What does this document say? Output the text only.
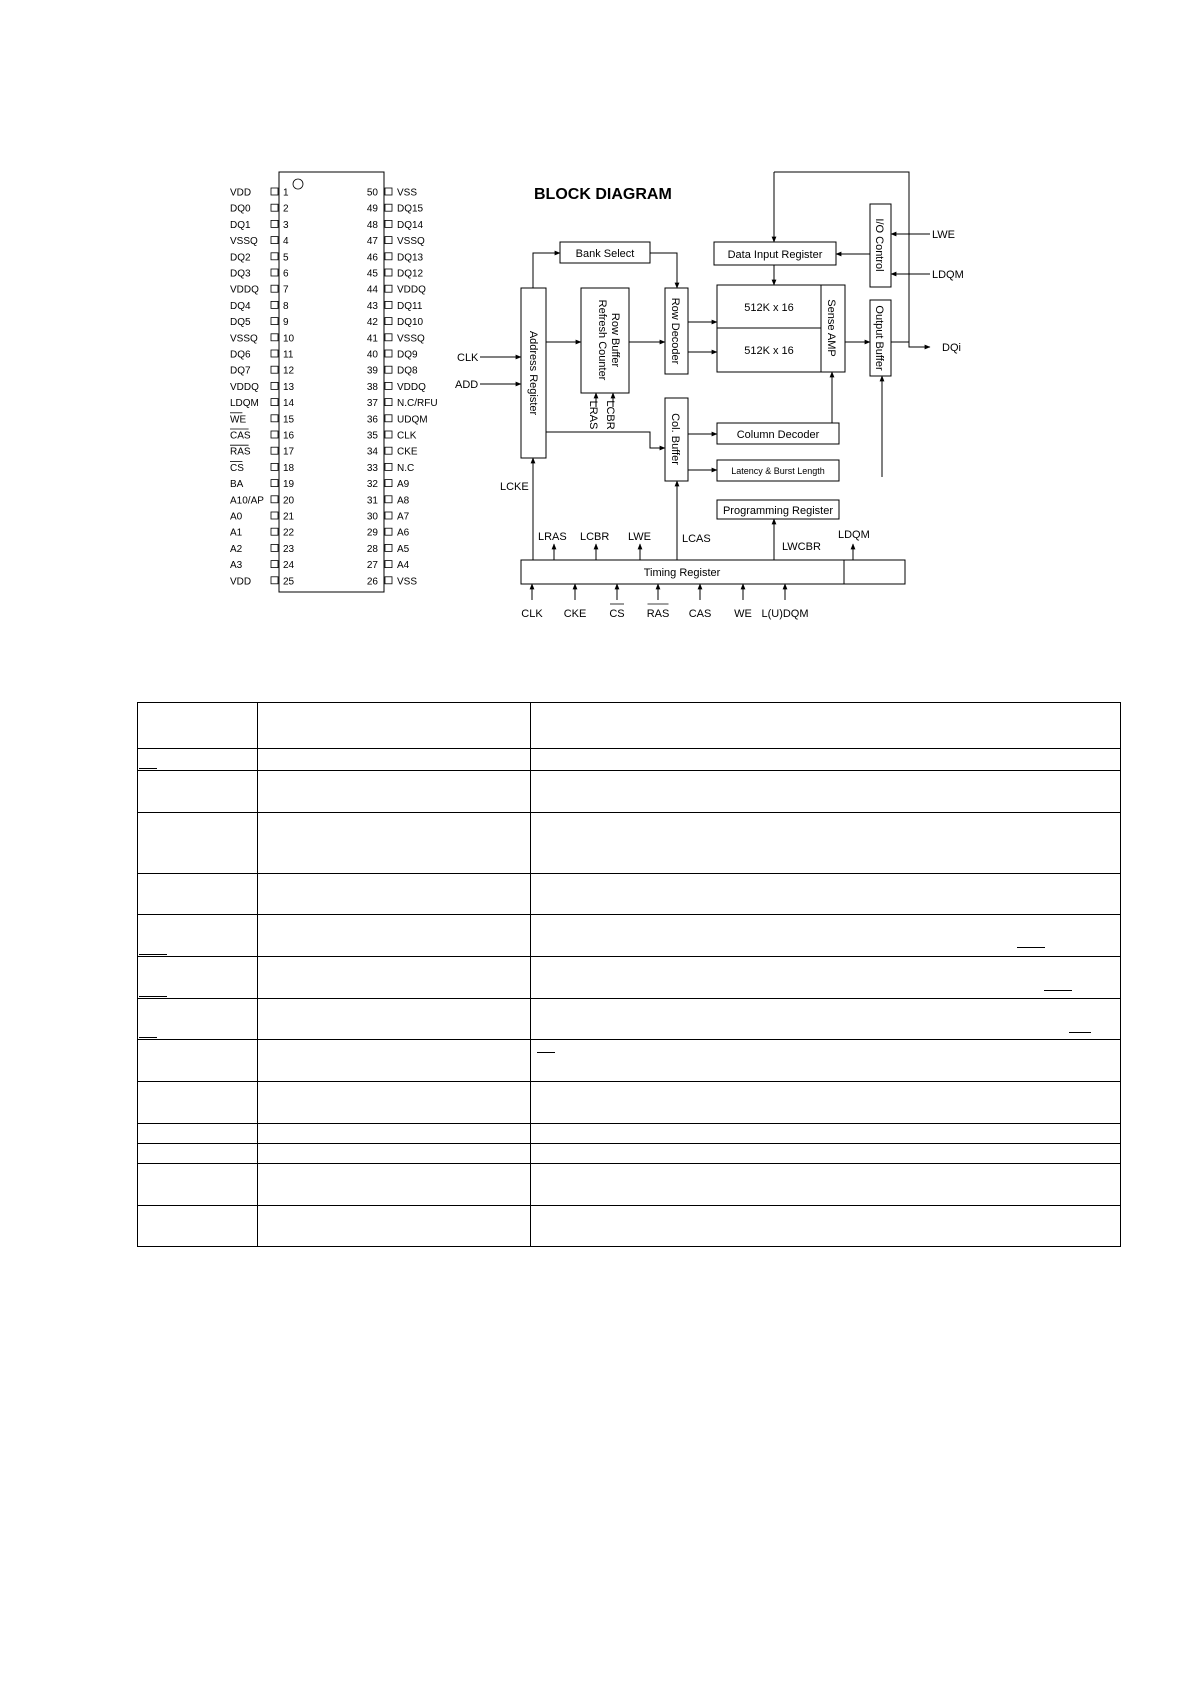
VDD	1
DQ0	2
DQ1	3
VSSQ	4
DQ2	5
DQ3	6
VDDQ 7
DQ4	8
DQ5	9
VSSQ	10
DQ6	11
DQ7	12
VDDQ 13
LDQM 14
WE	15
CAS	16
RAS	17
CS	18
BA	19
A10/AP 20
A0	21
A1	22
A2	23
A3	24
VDD	25
50 VSS
49 DQ15
48 DQ14
47 VSSQ
46 DQ13
45 DQ12
44 VDDQ
43 DQ11
42 DQ10
41 VSSQ
40 DQ9
39 DQ8
38 VDDQ
37 N.C/RFU
36 UDQM
35 CLK
34 CKE
33 N.C
32 A9
31 A8
30 A7
29 A6
28 A5
27 A4
26 VSS
BLOCK DIAGRAM
Bank Select	Data Input Register	I/O Control
Address Register	Row Buffer
Refresh Counter	Row Decoder	512K x 16
512K x 16	Sense AMP	Output Buffer
Col. Buffer	Column Decoder
Latency & Burst Length
Programming Register
Timing Register
LWE
LDQM
DQi
CLK
ADD
LRAS LCBR
LCKE
LRAS LCBR LWE	LCAS
LWCBR
LDQM
CLK CKE CS RAS CAS WE L(U)DQM
